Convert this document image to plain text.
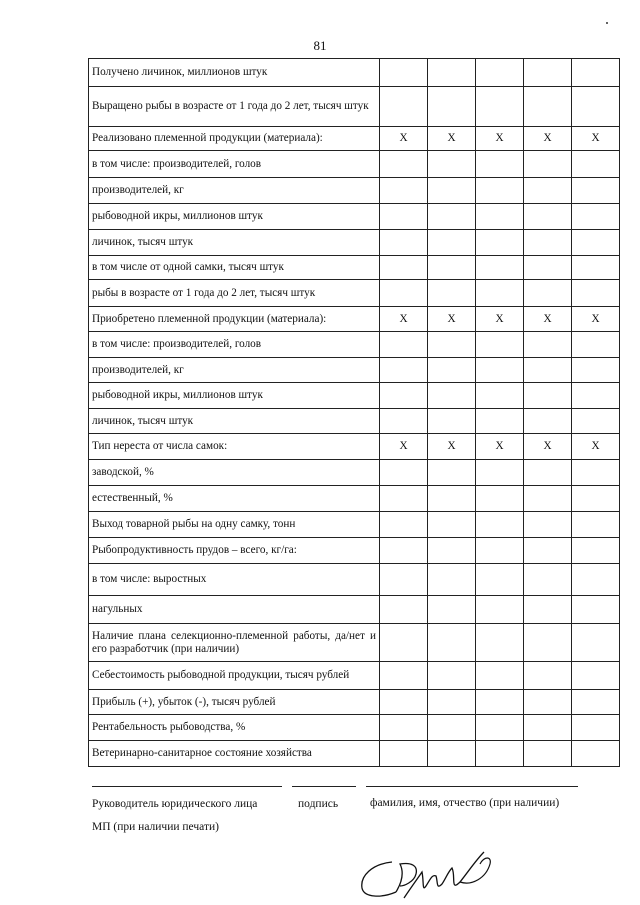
81
Получено личинок, миллионов штук					
Выращено рыбы в возрасте от 1 года до 2 лет, тысяч штук					
Реализовано племенной продукции (материала):	X	X	X	X	X
в том числе: производителей, голов					
производителей, кг					
рыбоводной икры, миллионов штук					
личинок, тысяч штук					
в том числе от одной самки, тысяч штук					
рыбы в возрасте от 1 года до 2 лет, тысяч штук					
Приобретено племенной продукции (материала):	X	X	X	X	X
в том числе: производителей, голов					
производителей, кг					
рыбоводной икры, миллионов штук					
личинок, тысяч штук					
Тип нереста от числа самок:	X	X	X	X	X
заводской, %					
естественный, %					
Выход товарной рыбы на одну самку, тонн					
Рыбопродуктивность прудов – всего, кг/га:					
в том числе: выростных					
нагульных					
Наличие плана селекционно-племенной работы, да/нет и его разработчик (при наличии)					
Себестоимость рыбоводной продукции, тысяч рублей					
Прибыль (+), убыток (-), тысяч рублей					
Рентабельность рыбоводства, %					
Ветеринарно-санитарное состояние хозяйства					
Руководитель юридического лица	подпись	фамилия, имя, отчество (при наличии)
МП (при наличии печати)
